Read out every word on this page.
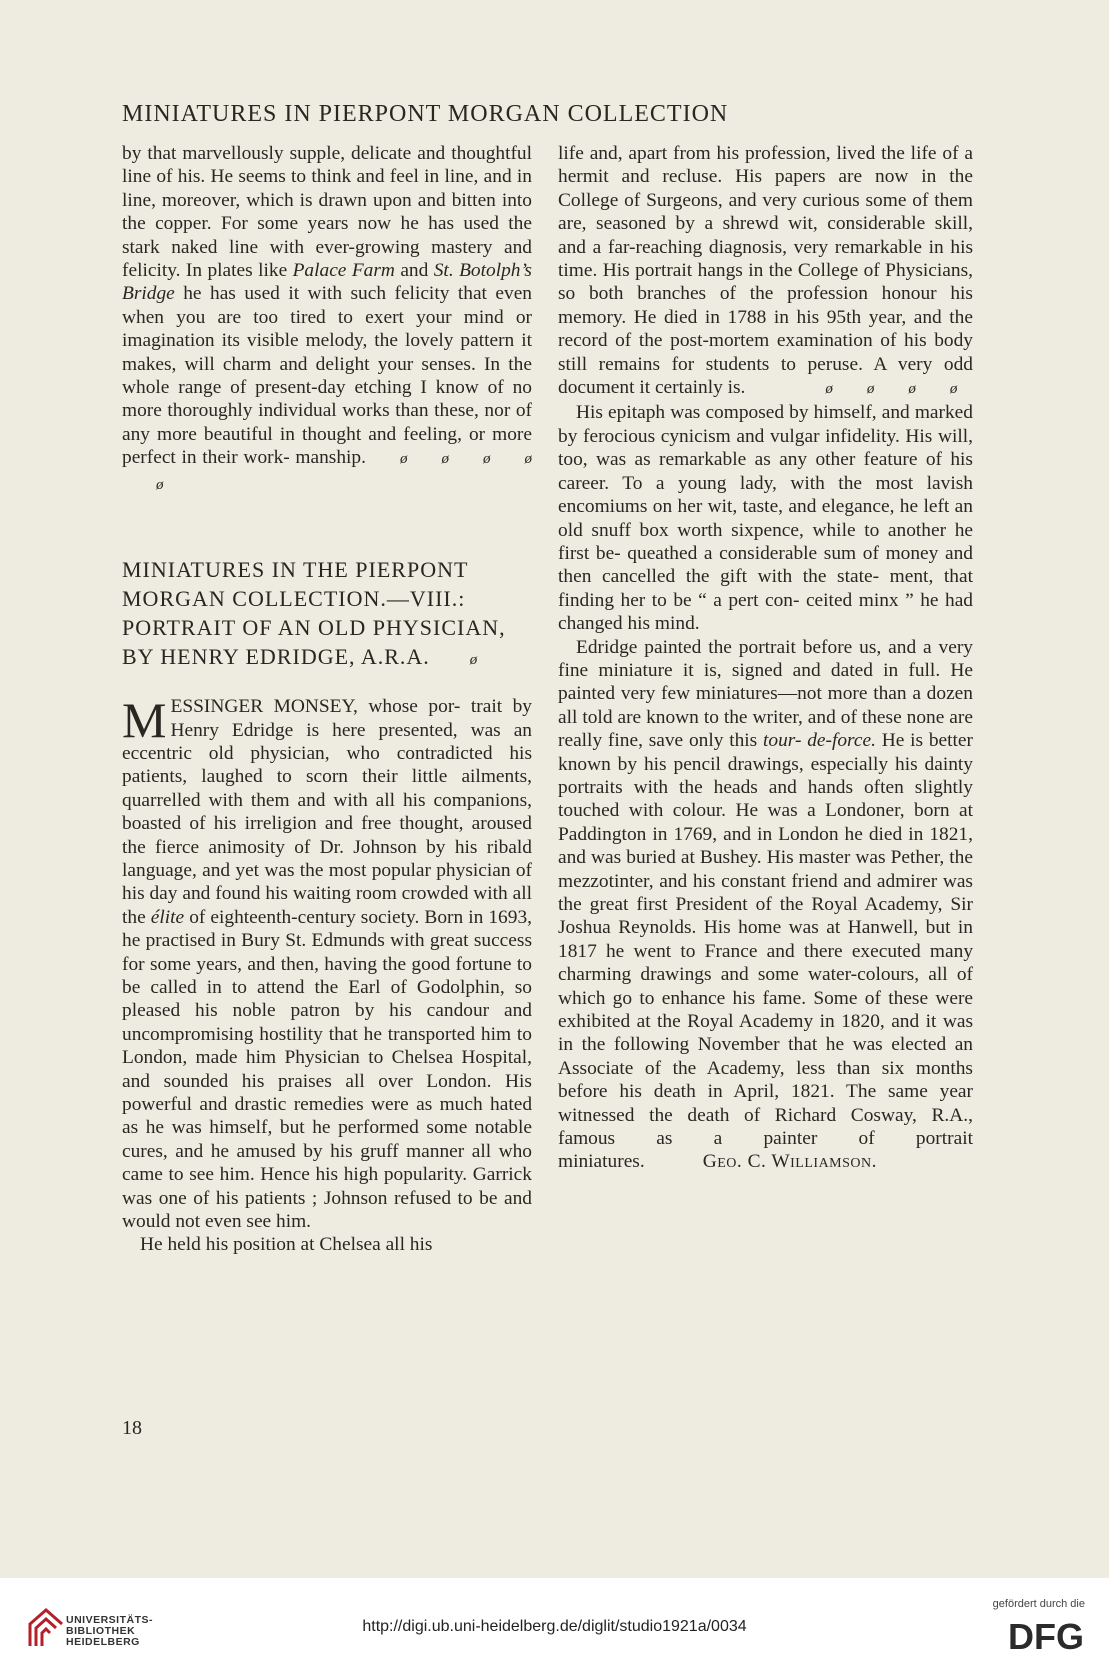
MINIATURES IN PIERPONT MORGAN COLLECTION

by that marvellously supple, delicate and thoughtful line of his. He seems to think and feel in line, and in line, moreover, which is drawn upon and bitten into the copper. For some years now he has used the stark naked line with ever-growing mastery and felicity. In plates like Palace Farm and St. Botolph’s Bridge he has used it with such felicity that even when you are too tired to exert your mind or imagination its visible melody, the lovely pattern it makes, will charm and delight your senses. In the whole range of present-day etching I know of no more thoroughly individual works than these, nor of any more beautiful in thought and feeling, or more perfect in their work- manship. ø ø ø øø

MINIATURES IN THE PIERPONT
MORGAN COLLECTION.—VIII.:
PORTRAIT OF AN OLD PHYSICIAN,
BY HENRY EDRIDGE, A.R.A.	ø

M ESSINGER MONSEY, whose por- trait by Henry Edridge is here presented, was an eccentric old physician, who contradicted his patients, laughed to scorn their little ailments, quarrelled with them and with all his companions, boasted of his irreligion and free thought, aroused the fierce animosity of Dr. Johnson by his ribald language, and yet was the most popular physician of his day and found his waiting room crowded with all the élite of eighteenth-century society. Born in 1693, he practised in Bury St. Edmunds with great success for some years, and then, having the good fortune to be called in to attend the Earl of Godolphin, so pleased his noble patron by his candour and uncompromising hostility that he transported him to London, made him Physician to Chelsea Hospital, and sounded his praises all over London. His powerful and drastic remedies were as much hated as he was himself, but he performed some notable cures, and he amused by his gruff manner all who came to see him. Hence his high popularity. Garrick was one of his patients ; Johnson refused to be and would not even see him.

He held his position at Chelsea all his

life and, apart from his profession, lived the life of a hermit and recluse. His papers are now in the College of Surgeons, and very curious some of them are, seasoned by a shrewd wit, considerable skill, and a far-reaching diagnosis, very remarkable in his time. His portrait hangs in the College of Physicians, so both branches of the profession honour his memory. He died in 1788 in his 95th year, and the record of the post-mortem examination of his body still remains for students to peruse. A very odd document it certainly is.	ø ø ø ø

His epitaph was composed by himself, and marked by ferocious cynicism and vulgar infidelity. His will, too, was as remarkable as any other feature of his career. To a young lady, with the most lavish encomiums on her wit, taste, and elegance, he left an old snuff box worth sixpence, while to another he first be- queathed a considerable sum of money and then cancelled the gift with the state- ment, that finding her to be “ a pert con- ceited minx ” he had changed his mind.

Edridge painted the portrait before us, and a very fine miniature it is, signed and dated in full. He painted very few miniatures—not more than a dozen all told are known to the writer, and of these none are really fine, save only this tour- de-force. He is better known by his pencil drawings, especially his dainty portraits with the heads and hands often slightly touched with colour. He was a Londoner, born at Paddington in 1769, and in London he died in 1821, and was buried at Bushey. His master was Pether, the mezzotinter, and his constant friend and admirer was the great first President of the Royal Academy, Sir Joshua Reynolds. His home was at Hanwell, but in 1817 he went to France and there executed many charming drawings and some water-colours, all of which go to enhance his fame. Some of these were exhibited at the Royal Academy in 1820, and it was in the following November that he was elected an Associate of the Academy, less than six months before his death in April, 1821. The same year witnessed the death of Richard Cosway, R.A., famous as a painter of portrait miniatures.	Geo. C. Williamson.

18
UNIVERSITÄTS-
BIBLIOTHEK
HEIDELBERG
http://digi.ub.uni-heidelberg.de/diglit/studio1921a/0034
gefördert durch die
DFG
